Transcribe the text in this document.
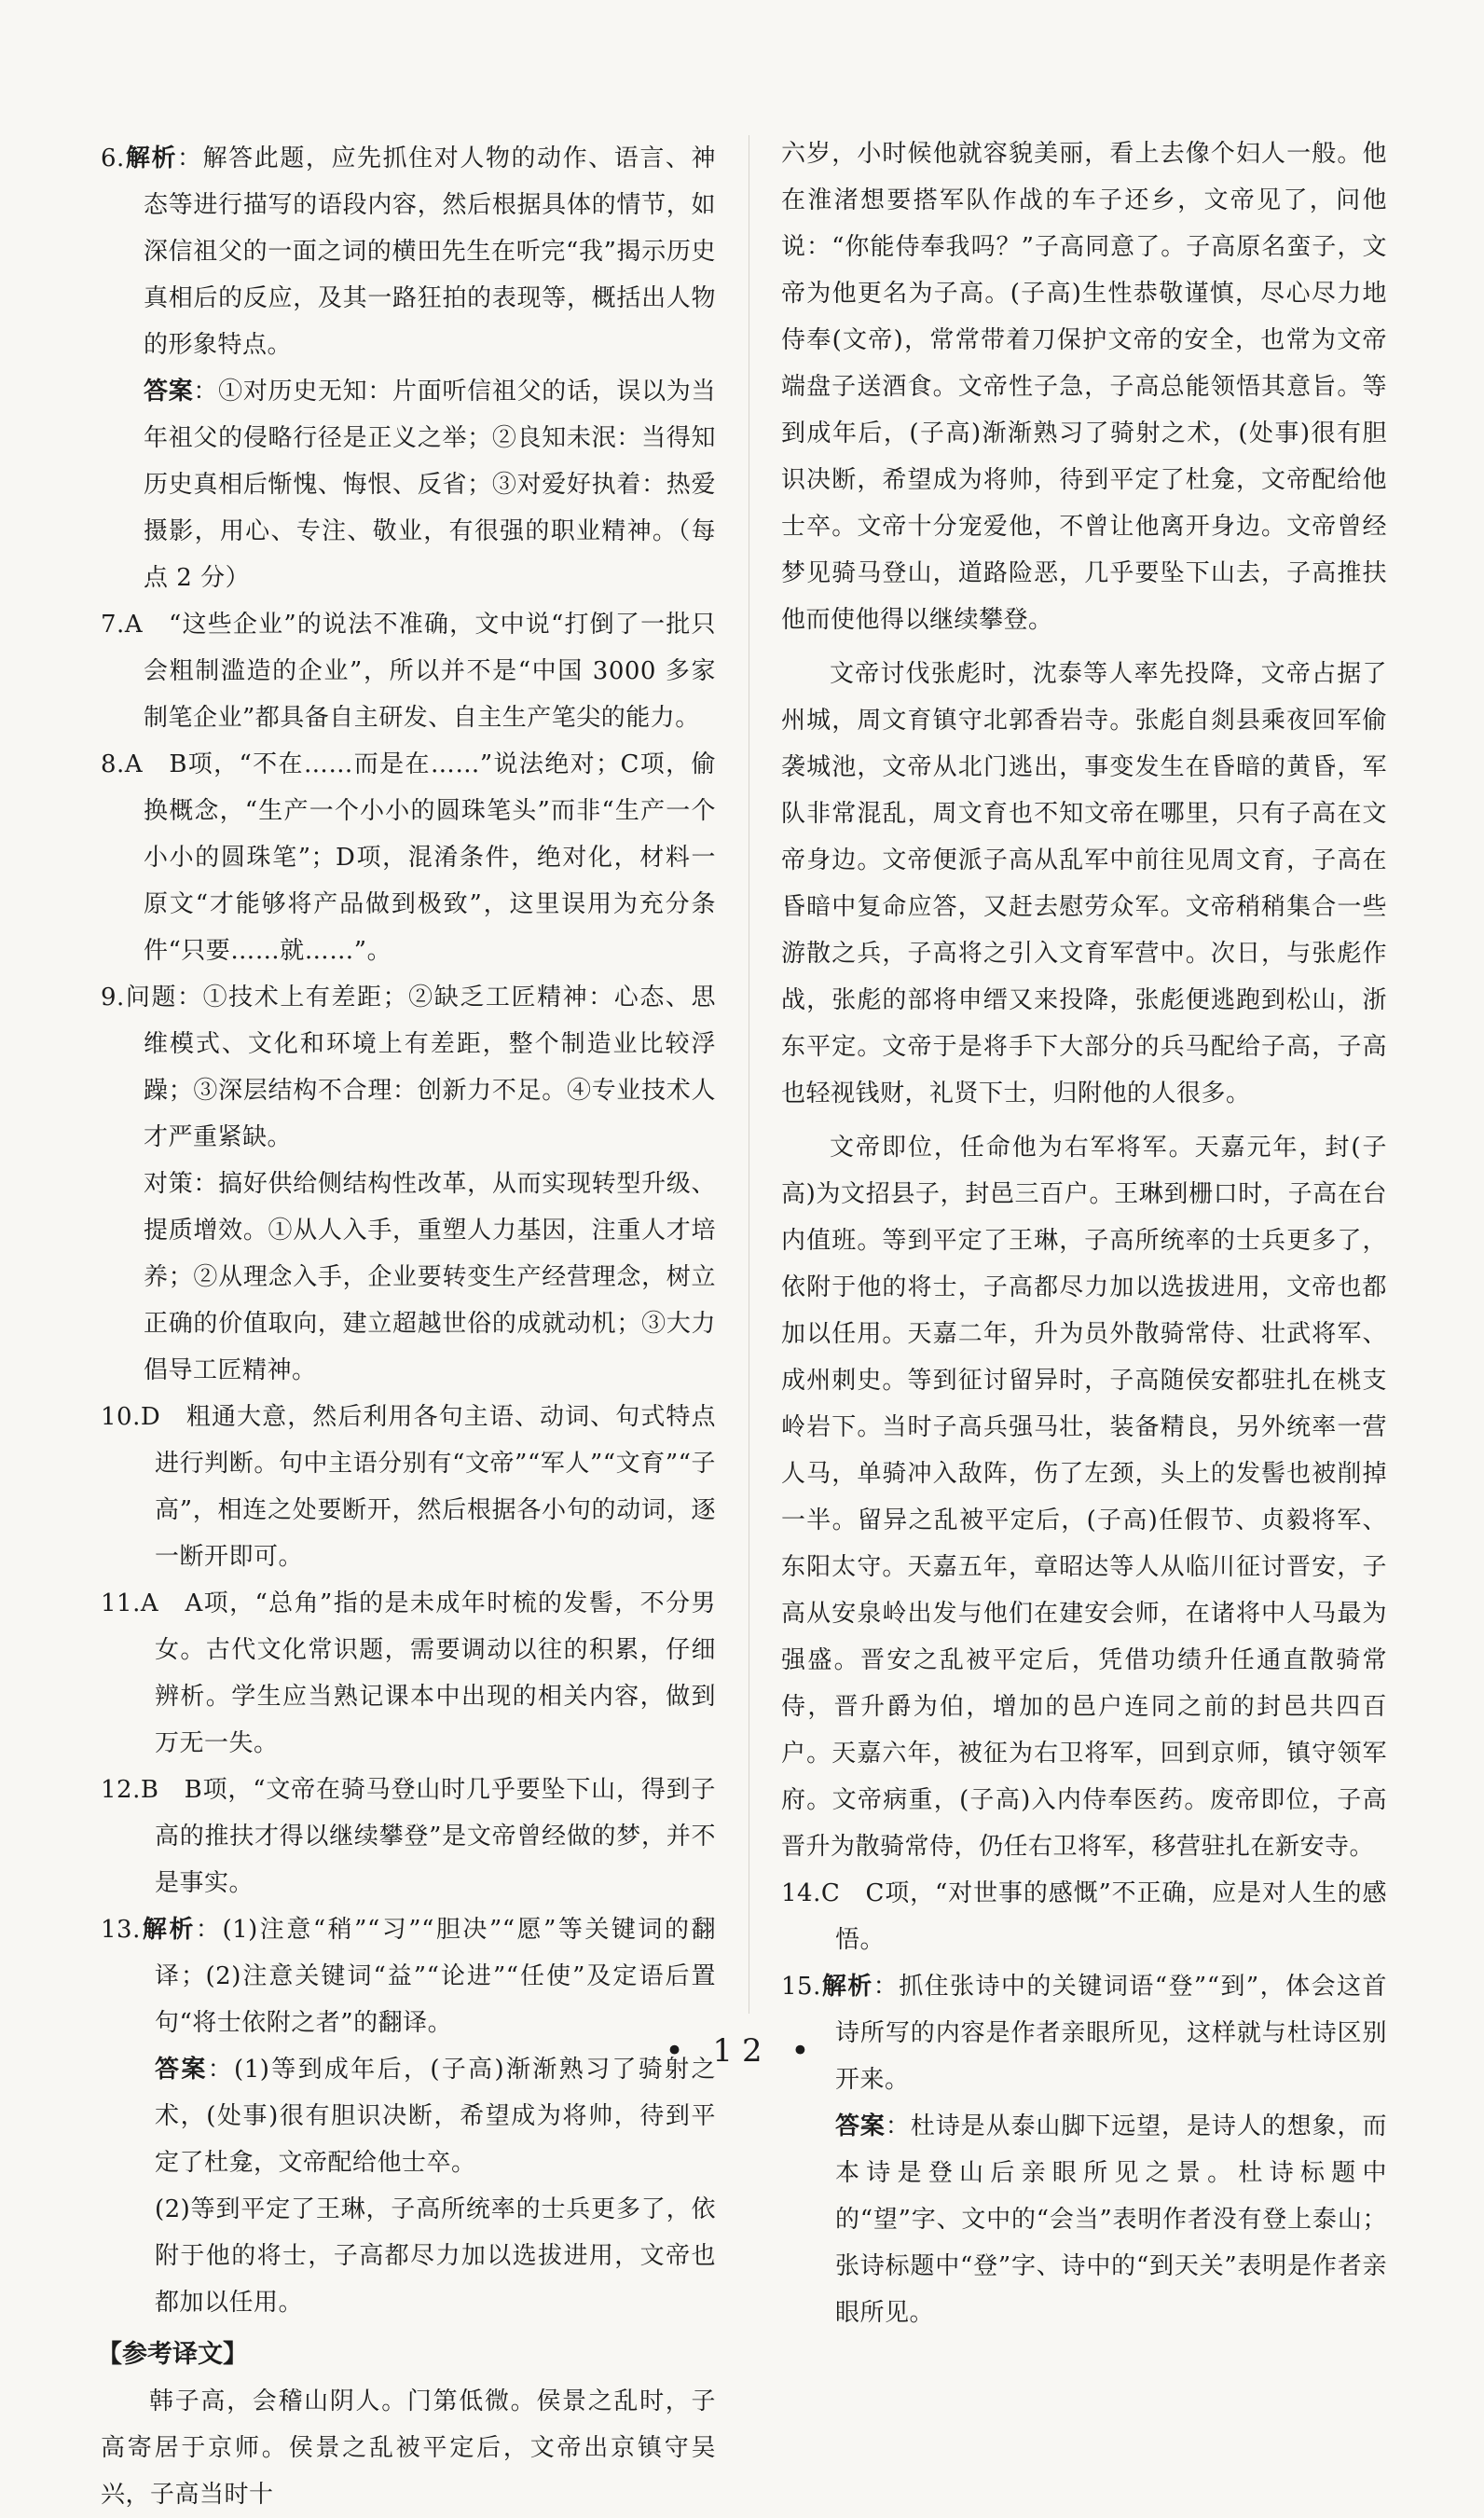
6.解析：解答此题，应先抓住对人物的动作、语言、神态等进行描写的语段内容，然后根据具体的情节，如深信祖父的一面之词的横田先生在听完“我”揭示历史真相后的反应，及其一路狂拍的表现等，概括出人物的形象特点。

答案：①对历史无知：片面听信祖父的话，误以为当年祖父的侵略行径是正义之举；②良知未泯：当得知历史真相后惭愧、悔恨、反省；③对爱好执着：热爱摄影，用心、专注、敬业，有很强的职业精神。（每点 2 分）

7.A　“这些企业”的说法不准确，文中说“打倒了一批只会粗制滥造的企业”，所以并不是“中国 3000 多家制笔企业”都具备自主研发、自主生产笔尖的能力。

8.A　B项，“不在……而是在……”说法绝对；C项，偷换概念，“生产一个小小的圆珠笔头”而非“生产一个小小的圆珠笔”；D项，混淆条件，绝对化，材料一原文“才能够将产品做到极致”，这里误用为充分条件“只要……就……”。

9.问题：①技术上有差距；②缺乏工匠精神：心态、思维模式、文化和环境上有差距，整个制造业比较浮躁；③深层结构不合理：创新力不足。④专业技术人才严重紧缺。

对策：搞好供给侧结构性改革，从而实现转型升级、提质增效。①从人入手，重塑人力基因，注重人才培养；②从理念入手，企业要转变生产经营理念，树立正确的价值取向，建立超越世俗的成就动机；③大力倡导工匠精神。

10.D　粗通大意，然后利用各句主语、动词、句式特点进行判断。句中主语分别有“文帝”“军人”“文育”“子高”，相连之处要断开，然后根据各小句的动词，逐一断开即可。

11.A　A项，“总角”指的是未成年时梳的发髻，不分男女。古代文化常识题，需要调动以往的积累，仔细辨析。学生应当熟记课本中出现的相关内容，做到万无一失。

12.B　B项，“文帝在骑马登山时几乎要坠下山，得到子高的推扶才得以继续攀登”是文帝曾经做的梦，并不是事实。

13.解析：(1)注意“稍”“习”“胆决”“愿”等关键词的翻译；(2)注意关键词“益”“论进”“任使”及定语后置句“将士依附之者”的翻译。

答案：(1)等到成年后，(子高)渐渐熟习了骑射之术，(处事)很有胆识决断，希望成为将帅，待到平定了杜龛，文帝配给他士卒。

(2)等到平定了王琳，子高所统率的士兵更多了，依附于他的将士，子高都尽力加以选拔进用，文帝也都加以任用。

【参考译文】

韩子高，会稽山阴人。门第低微。侯景之乱时，子高寄居于京师。侯景之乱被平定后，文帝出京镇守吴兴，子高当时十

六岁，小时候他就容貌美丽，看上去像个妇人一般。他在淮渚想要搭军队作战的车子还乡，文帝见了，问他说：“你能侍奉我吗？”子高同意了。子高原名蛮子，文帝为他更名为子高。(子高)生性恭敬谨慎，尽心尽力地侍奉(文帝)，常常带着刀保护文帝的安全，也常为文帝端盘子送酒食。文帝性子急，子高总能领悟其意旨。等到成年后，(子高)渐渐熟习了骑射之术，(处事)很有胆识决断，希望成为将帅，待到平定了杜龛，文帝配给他士卒。文帝十分宠爱他，不曾让他离开身边。文帝曾经梦见骑马登山，道路险恶，几乎要坠下山去，子高推扶他而使他得以继续攀登。

文帝讨伐张彪时，沈泰等人率先投降，文帝占据了州城，周文育镇守北郭香岩寺。张彪自剡县乘夜回军偷袭城池，文帝从北门逃出，事变发生在昏暗的黄昏，军队非常混乱，周文育也不知文帝在哪里，只有子高在文帝身边。文帝便派子高从乱军中前往见周文育，子高在昏暗中复命应答，又赶去慰劳众军。文帝稍稍集合一些游散之兵，子高将之引入文育军营中。次日，与张彪作战，张彪的部将申缙又来投降，张彪便逃跑到松山，浙东平定。文帝于是将手下大部分的兵马配给子高，子高也轻视钱财，礼贤下士，归附他的人很多。

文帝即位，任命他为右军将军。天嘉元年，封(子高)为文招县子，封邑三百户。王琳到栅口时，子高在台内值班。等到平定了王琳，子高所统率的士兵更多了，依附于他的将士，子高都尽力加以选拔进用，文帝也都加以任用。天嘉二年，升为员外散骑常侍、壮武将军、成州刺史。等到征讨留异时，子高随侯安都驻扎在桃支岭岩下。当时子高兵强马壮，装备精良，另外统率一营人马，单骑冲入敌阵，伤了左颈，头上的发髻也被削掉一半。留异之乱被平定后，(子高)任假节、贞毅将军、东阳太守。天嘉五年，章昭达等人从临川征讨晋安，子高从安泉岭出发与他们在建安会师，在诸将中人马最为强盛。晋安之乱被平定后，凭借功绩升任通直散骑常侍，晋升爵为伯，增加的邑户连同之前的封邑共四百户。天嘉六年，被征为右卫将军，回到京师，镇守领军府。文帝病重，(子高)入内侍奉医药。废帝即位，子高晋升为散骑常侍，仍任右卫将军，移营驻扎在新安寺。

14.C　C项，“对世事的感慨”不正确，应是对人生的感悟。

15.解析：抓住张诗中的关键词语“登”“到”，体会这首诗所写的内容是作者亲眼所见，这样就与杜诗区别开来。

答案：杜诗是从泰山脚下远望，是诗人的想象，而本诗是登山后亲眼所见之景。杜诗标题中的“望”字、文中的“会当”表明作者没有登上泰山；张诗标题中“登”字、诗中的“到天关”表明是作者亲眼所见。

• 12 •
